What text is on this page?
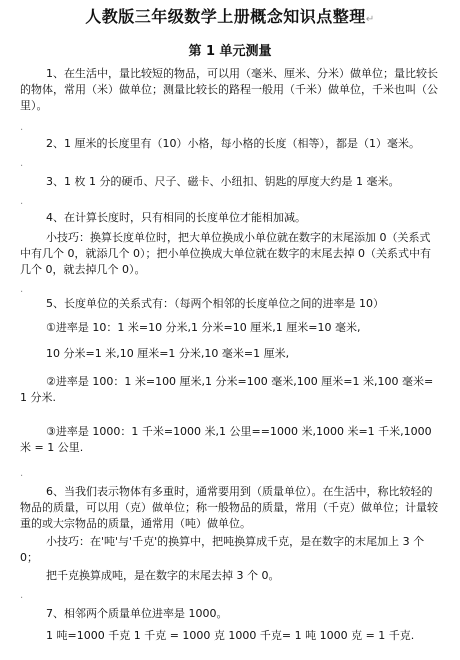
人教版三年级数学上册概念知识点整理↵
第 1 单元测量
1、在生活中，量比较短的物品，可以用（毫米、厘米、分米）做单位；量比较长的物体，常用（米）做单位；测量比较长的路程一般用（千米）做单位，千米也叫（公里）。
.
2、1 厘米的长度里有（10）小格，每小格的长度（相等），都是（1）毫米。
.
3、1 枚 1 分的硬币、尺子、磁卡、小纽扣、钥匙的厚度大约是 1 毫米。
.
4、在计算长度时，只有相同的长度单位才能相加减。
小技巧：换算长度单位时，把大单位换成小单位就在数字的末尾添加 0（关系式中有几个 0，就添几个 0）；把小单位换成大单位就在数字的末尾去掉 0（关系式中有几个 0，就去掉几个 0）。
.
5、长度单位的关系式有：（每两个相邻的长度单位之间的进率是 10）
①进率是 10：1 米=10 分米,1 分米=10 厘米,1 厘米=10 毫米,
10 分米=1 米,10 厘米=1 分米,10 毫米=1 厘米,
②进率是 100：1 米=100 厘米,1 分米=100 毫米,100 厘米=1 米,100 毫米=1 分米.
③进率是 1000：1 千米=1000 米,1 公里==1000 米,1000 米=1 千米,1000 米 = 1 公里.
.
6、当我们表示物体有多重时，通常要用到（质量单位）。在生活中，称比较轻的物品的质量，可以用（克）做单位；称一般物品的质量，常用（千克）做单位；计量较重的或大宗物品的质量，通常用（吨）做单位。
小技巧：在'吨'与'千克'的换算中，把吨换算成千克，是在数字的末尾加上 3 个 0；
把千克换算成吨，是在数字的末尾去掉 3 个 0。
.
7、相邻两个质量单位进率是 1000。
1 吨=1000 千克 1 千克 = 1000 克 1000 千克= 1 吨 1000 克 = 1 千克.
